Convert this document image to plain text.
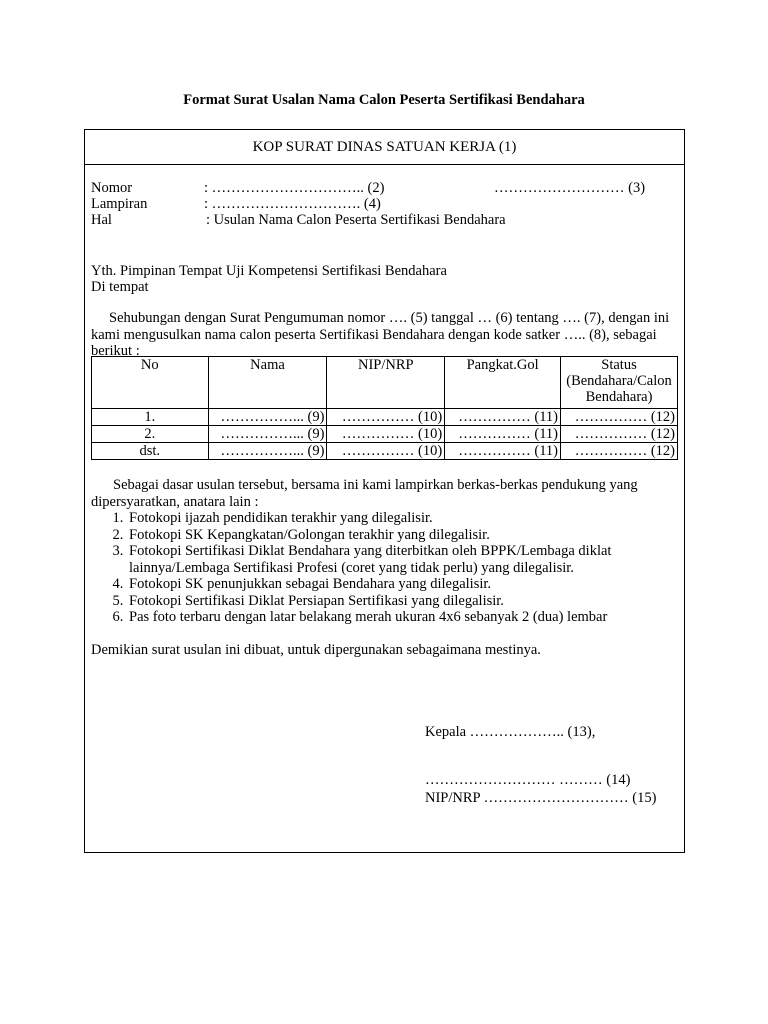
Format Surat Usalan Nama Calon Peserta Sertifikasi Bendahara
KOP SURAT DINAS SATUAN KERJA (1)
Nomor	: ………………………….. (2)	……………………… (3)
Lampiran	: …………………………. (4)
Hal	: Usulan Nama Calon Peserta Sertifikasi Bendahara
Yth. Pimpinan Tempat Uji Kompetensi Sertifikasi Bendahara
Di tempat
Sehubungan dengan Surat Pengumuman nomor …. (5) tanggal … (6) tentang …. (7), dengan ini kami mengusulkan nama calon peserta Sertifikasi Bendahara dengan kode satker ….. (8), sebagai berikut :
No	Nama	NIP/NRP	Pangkat.Gol	Status (Bendahara/Calon Bendahara)
1.	……………... (9)	…………… (10)	…………… (11)	…………… (12)
2.	……………... (9)	…………… (10)	…………… (11)	…………… (12)
dst.	……………... (9)	…………… (10)	…………… (11)	…………… (12)
Sebagai dasar usulan tersebut, bersama ini kami lampirkan berkas-berkas pendukung yang dipersyaratkan, anatara lain :
1. Fotokopi ijazah pendidikan terakhir yang dilegalisir.
2. Fotokopi SK Kepangkatan/Golongan terakhir yang dilegalisir.
3. Fotokopi Sertifikasi Diklat Bendahara yang diterbitkan oleh BPPK/Lembaga diklat lainnya/Lembaga Sertifikasi Profesi (coret yang tidak perlu) yang dilegalisir.
4. Fotokopi SK penunjukkan sebagai Bendahara yang dilegalisir.
5. Fotokopi Sertifikasi Diklat Persiapan Sertifikasi yang dilegalisir.
6. Pas foto terbaru dengan latar belakang merah ukuran 4x6 sebanyak 2 (dua) lembar
Demikian surat usulan ini dibuat, untuk dipergunakan sebagaimana mestinya.
Kepala ……………….. (13),
……………………… ……… (14)
NIP/NRP ………………………… (15)
